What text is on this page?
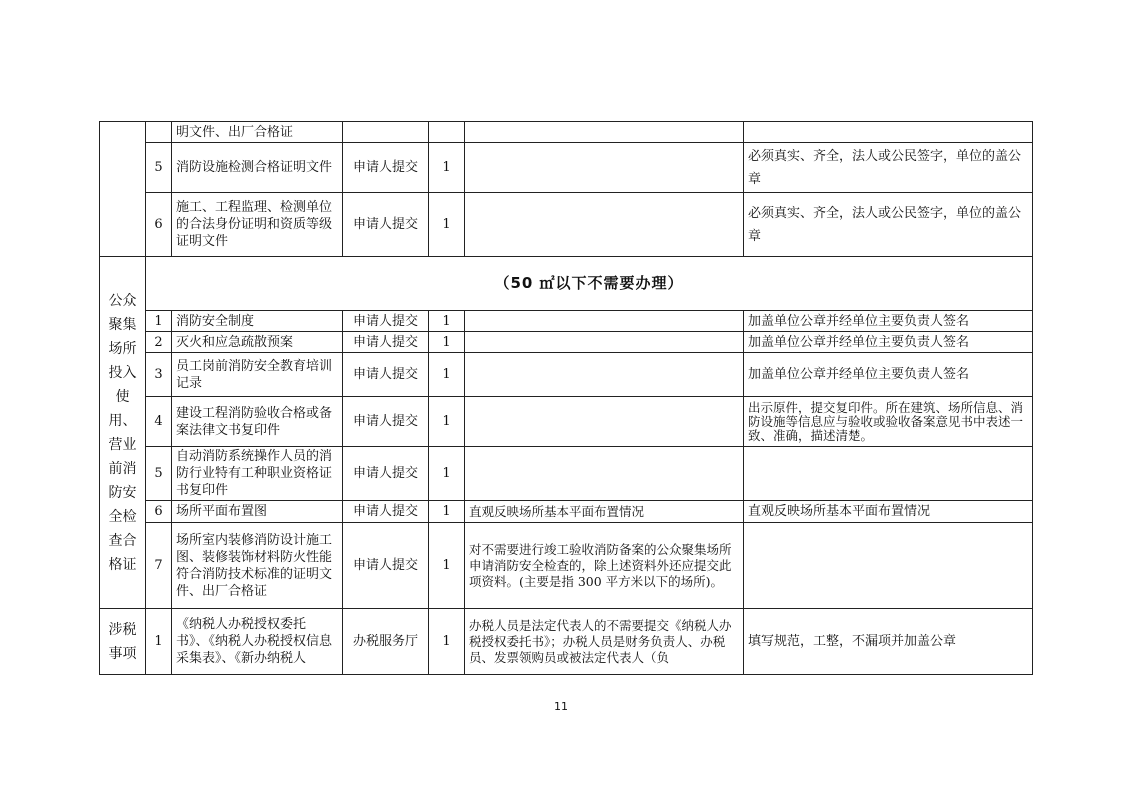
		明文件、出厂合格证				
	5	消防设施检测合格证明文件	申请人提交	1		必须真实、齐全，法人或公民签字，单位的盖公章
	6	施工、工程监理、检测单位的合法身份证明和资质等级证明文件	申请人提交	1		必须真实、齐全，法人或公民签字，单位的盖公章
公众聚集场所投入使用、营业前消防安全检查合格证	（50 ㎡以下不需要办理）					
	1	消防安全制度	申请人提交	1		加盖单位公章并经单位主要负责人签名
	2	灭火和应急疏散预案	申请人提交	1		加盖单位公章并经单位主要负责人签名
	3	员工岗前消防安全教育培训记录	申请人提交	1		加盖单位公章并经单位主要负责人签名
	4	建设工程消防验收合格或备案法律文书复印件	申请人提交	1		出示原件，提交复印件。所在建筑、场所信息、消防设施等信息应与验收或验收备案意见书中表述一致、准确，描述清楚。
	5	自动消防系统操作人员的消防行业特有工种职业资格证书复印件	申请人提交	1		
	6	场所平面布置图	申请人提交	1	直观反映场所基本平面布置情况	直观反映场所基本平面布置情况
	7	场所室内装修消防设计施工图、装修装饰材料防火性能符合消防技术标准的证明文件、出厂合格证	申请人提交	1	对不需要进行竣工验收消防备案的公众聚集场所申请消防安全检查的，除上述资料外还应提交此项资料。(主要是指 300 平方米以下的场所)。	
涉税事项	1	《纳税人办税授权委托书》、《纳税人办税授权信息采集表》、《新办纳税人	办税服务厅	1	办税人员是法定代表人的不需要提交《纳税人办税授权委托书》；办税人员是财务负责人、办税员、发票领购员或被法定代表人（负	填写规范，工整，不漏项并加盖公章
11
